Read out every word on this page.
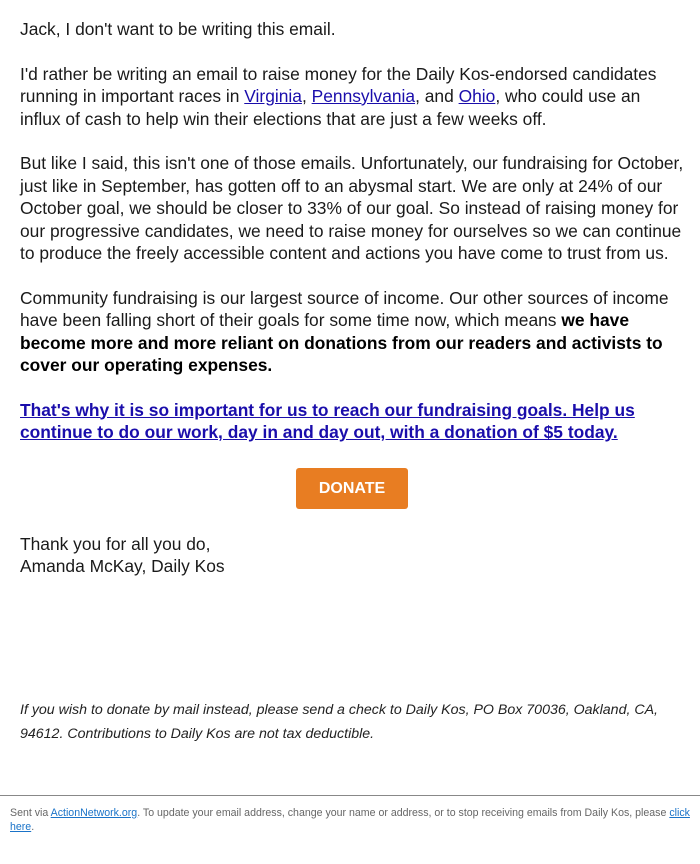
Jack, I don't want to be writing this email.

I'd rather be writing an email to raise money for the Daily Kos-endorsed candidates running in important races in Virginia, Pennsylvania, and Ohio, who could use an influx of cash to help win their elections that are just a few weeks off.

But like I said, this isn't one of those emails. Unfortunately, our fundraising for October, just like in September, has gotten off to an abysmal start. We are only at 24% of our October goal, we should be closer to 33% of our goal. So instead of raising money for our progressive candidates, we need to raise money for ourselves so we can continue to produce the freely accessible content and actions you have come to trust from us.

Community fundraising is our largest source of income. Our other sources of income have been falling short of their goals for some time now, which means we have become more and more reliant on donations from our readers and activists to cover our operating expenses.

That's why it is so important for us to reach our fundraising goals. Help us continue to do our work, day in and day out, with a donation of $5 today.

DONATE

Thank you for all you do,

Amanda McKay, Daily Kos

If you wish to donate by mail instead, please send a check to Daily Kos, PO Box 70036, Oakland, CA, 94612. Contributions to Daily Kos are not tax deductible.

Sent via ActionNetwork.org. To update your email address, change your name or address, or to stop receiving emails from Daily Kos, please click here.
